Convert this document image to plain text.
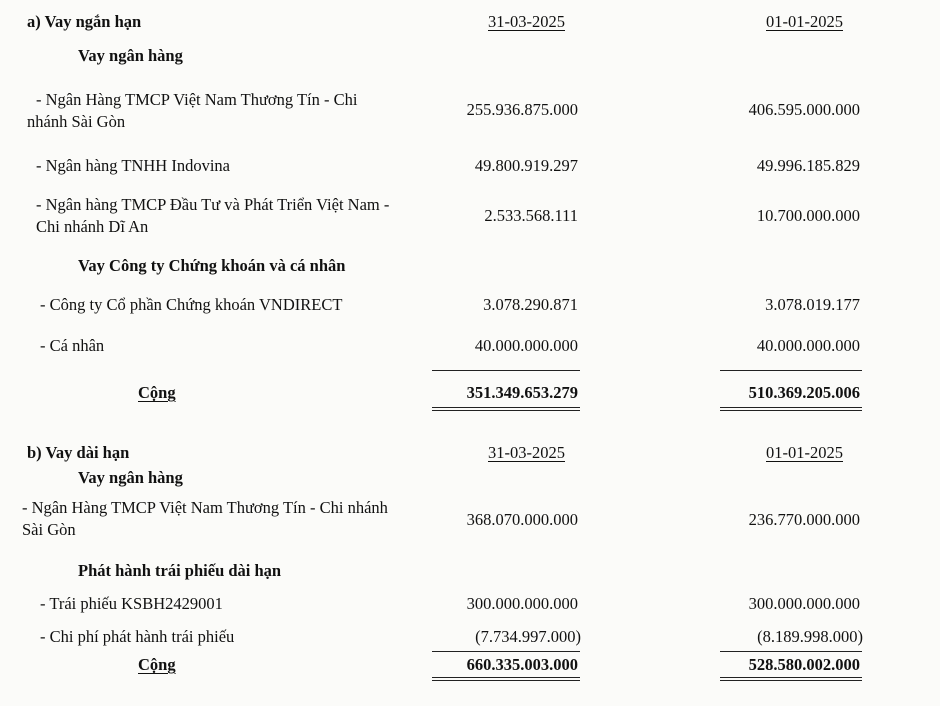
a) Vay ngắn hạn	31-03-2025	01-01-2025
Vay ngân hàng
- Ngân Hàng TMCP Việt Nam Thương Tín - Chi
nhánh Sài Gòn
255.936.875.000	406.595.000.000
- Ngân hàng TNHH Indovina	49.800.919.297	49.996.185.829
- Ngân hàng TMCP Đầu Tư và Phát Triển Việt Nam -
Chi nhánh Dĩ An
2.533.568.111	10.700.000.000
Vay Công ty Chứng khoán và cá nhân
- Công ty Cổ phần Chứng khoán VNDIRECT	3.078.290.871	3.078.019.177
- Cá nhân	40.000.000.000	40.000.000.000
Cộng	351.349.653.279	510.369.205.006
b) Vay dài hạn	31-03-2025	01-01-2025
Vay ngân hàng
- Ngân Hàng TMCP Việt Nam Thương Tín - Chi nhánh
Sài Gòn
368.070.000.000	236.770.000.000
Phát hành trái phiếu dài hạn
- Trái phiếu KSBH2429001	300.000.000.000	300.000.000.000
- Chi phí phát hành trái phiếu	(7.734.997.000)	(8.189.998.000)
Cộng	660.335.003.000	528.580.002.000
